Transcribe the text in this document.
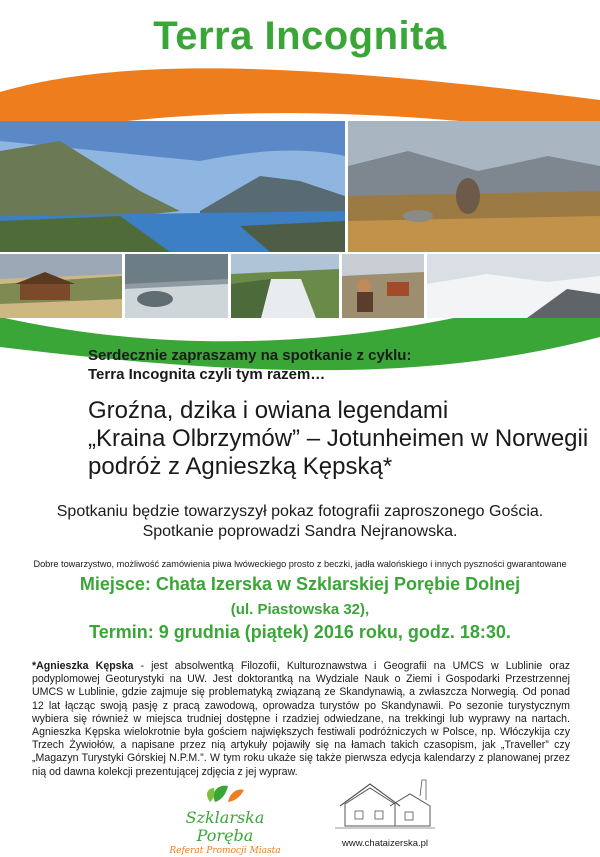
Terra Incognita
Serdecznie zapraszamy na spotkanie z cyklu:
Terra Incognita czyli tym razem…
Groźna, dzika i owiana legendami
„Kraina Olbrzymów” – Jotunheimen w Norwegii
podróż z Agnieszką Kępską*
Spotkaniu będzie towarzyszył pokaz fotografii zaproszonego Gościa.
Spotkanie poprowadzi Sandra Nejranowska.
Dobre towarzystwo, możliwość zamówienia piwa lwóweckiego prosto z beczki, jadła walońskiego i innych pyszności gwarantowane
Miejsce: Chata Izerska w Szklarskiej Porębie Dolnej
(ul. Piastowska 32),
Termin: 9 grudnia (piątek) 2016 roku, godz. 18:30.
*Agnieszka Kępska - jest absolwentką Filozofii, Kulturoznawstwa i Geografii na UMCS w Lublinie oraz podyplomowej Geoturystyki na UW. Jest doktorantką na Wydziale Nauk o Ziemi i Gospodarki Przestrzennej UMCS w Lublinie, gdzie zajmuje się problematyką związaną ze Skandynawią, a zwłaszcza Norwegią. Od ponad 12 lat łącząc swoją pasję z pracą zawodową, oprowadza turystów po Skandynawii. Po sezonie turystycznym wybiera się również w miejsca trudniej dostępne i rzadziej odwiedzane, na trekkingi lub wyprawy na nartach. Agnieszka Kępska wielokrotnie była gościem największych festiwali podróżniczych w Polsce, np. Włóczykija czy Trzech Żywiołów, a napisane przez nią artykuły pojawiły się na łamach takich czasopism, jak „Traveller” czy „Magazyn Turystyki Górskiej N.P.M.”. W tym roku ukaże się także pierwsza edycja kalendarzy z planowanej przez nią od dawna kolekcji prezentującej zdjęcia z jej wypraw.
Szklarska Poręba
Referat Promocji Miasta
www.chataizerska.pl
